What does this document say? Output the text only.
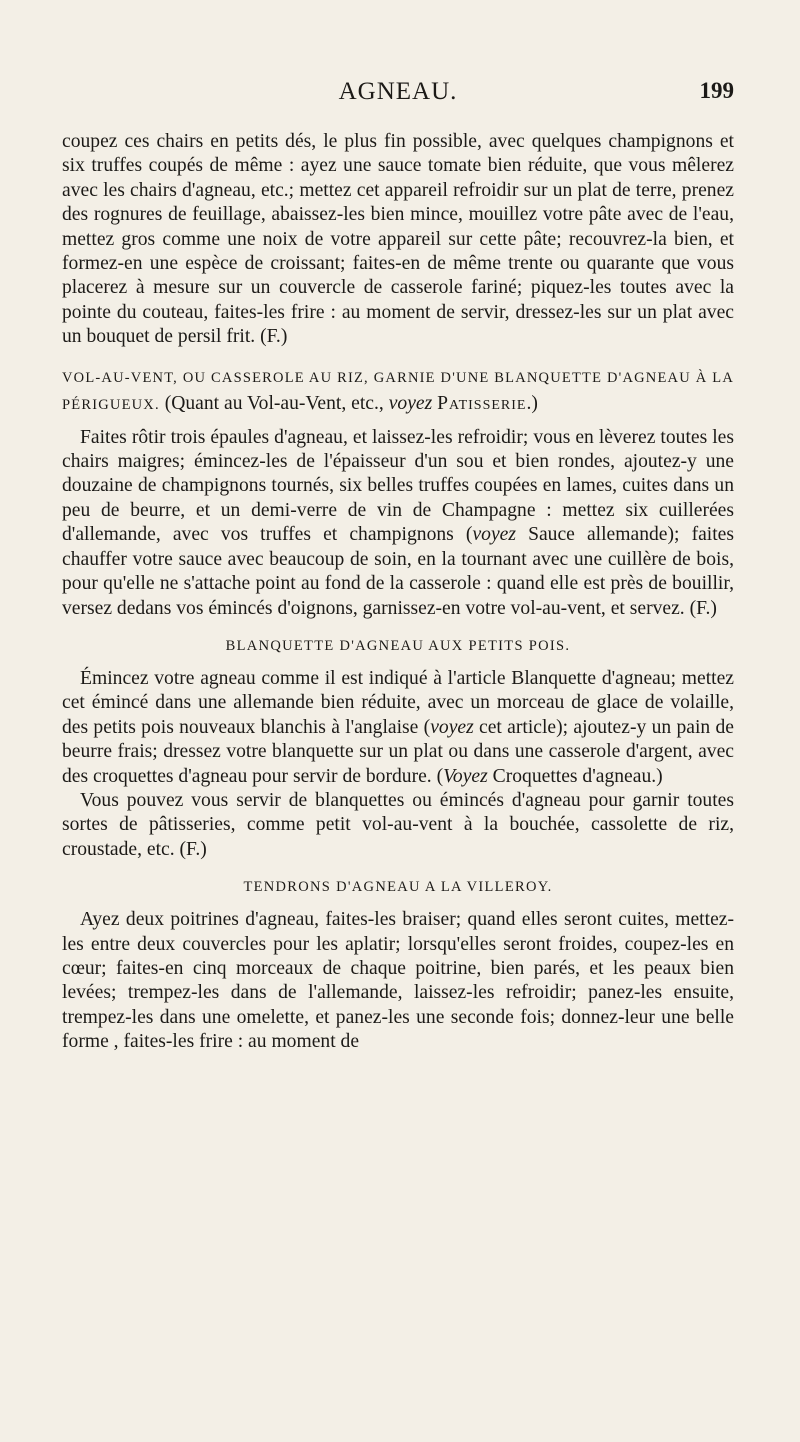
AGNEAU.	199

coupez ces chairs en petits dés, le plus fin possible, avec quelques champignons et six truffes coupés de même : ayez une sauce tomate bien réduite, que vous mêlerez avec les chairs d'agneau, etc.; mettez cet appareil refroidir sur un plat de terre, prenez des rognures de feuillage, abaissez-les bien mince, mouillez votre pâte avec de l'eau, mettez gros comme une noix de votre appareil sur cette pâte; recouvrez-la bien, et formez-en une espèce de croissant; faites-en de même trente ou quarante que vous placerez à mesure sur un couvercle de casserole fariné; piquez-les toutes avec la pointe du couteau, faites-les frire : au moment de servir, dressez-les sur un plat avec un bouquet de persil frit. (F.)

VOL-AU-VENT, OU CASSEROLE AU RIZ, GARNIE D'UNE BLANQUETTE D'AGNEAU À LA PÉRIGUEUX. (Quant au Vol-au-Vent, etc., voyez Patisserie.)

Faites rôtir trois épaules d'agneau, et laissez-les refroidir; vous en lèverez toutes les chairs maigres; émincez-les de l'épaisseur d'un sou et bien rondes, ajoutez-y une douzaine de champignons tournés, six belles truffes coupées en lames, cuites dans un peu de beurre, et un demi-verre de vin de Champagne : mettez six cuillerées d'allemande, avec vos truffes et champignons (voyez Sauce allemande); faites chauffer votre sauce avec beaucoup de soin, en la tournant avec une cuillère de bois, pour qu'elle ne s'attache point au fond de la casserole : quand elle est près de bouillir, versez dedans vos émincés d'oignons, garnissez-en votre vol-au-vent, et servez. (F.)

BLANQUETTE D'AGNEAU AUX PETITS POIS.

Émincez votre agneau comme il est indiqué à l'article Blanquette d'agneau; mettez cet émincé dans une allemande bien réduite, avec un morceau de glace de volaille, des petits pois nouveaux blanchis à l'anglaise (voyez cet article); ajoutez-y un pain de beurre frais; dressez votre blanquette sur un plat ou dans une casserole d'argent, avec des croquettes d'agneau pour servir de bordure. (Voyez Croquettes d'agneau.)

Vous pouvez vous servir de blanquettes ou émincés d'agneau pour garnir toutes sortes de pâtisseries, comme petit vol-au-vent à la bouchée, cassolette de riz, croustade, etc. (F.)

TENDRONS D'AGNEAU A LA VILLEROY.

Ayez deux poitrines d'agneau, faites-les braiser; quand elles seront cuites, mettez-les entre deux couvercles pour les aplatir; lorsqu'elles seront froides, coupez-les en cœur; faites-en cinq morceaux de chaque poitrine, bien parés, et les peaux bien levées; trempez-les dans de l'allemande, laissez-les refroidir; panez-les ensuite, trempez-les dans une omelette, et panez-les une seconde fois; donnez-leur une belle forme , faites-les frire : au moment de
